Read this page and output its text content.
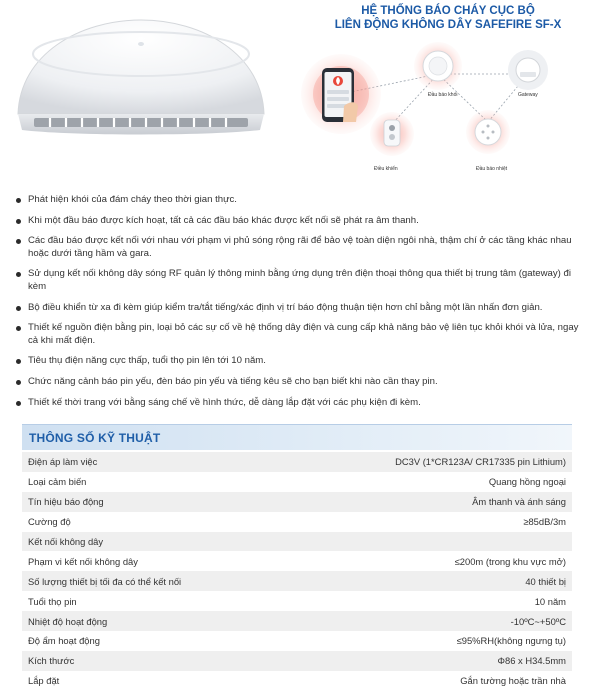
HỆ THỐNG BÁO CHÁY CỤC BỘ
LIÊN ĐỘNG KHÔNG DÂY SAFEFIRE SF-X
Đầu báo khói	Gateway
Điều khiển	Đầu báo nhiệt
Phát hiện khói của đám cháy theo thời gian thực.
Khi một đầu báo được kích hoạt, tất cả các đầu báo khác được kết nối sẽ phát ra âm thanh.
Các đầu báo được kết nối với nhau với phạm vi phủ sóng rộng rãi để bảo vệ toàn diện ngôi nhà, thậm chí ở các tầng khác nhau hoặc dưới tầng hầm và gara.
Sử dụng kết nối không dây sóng RF quản lý thông minh bằng ứng dụng trên điện thoại thông qua thiết bị trung tâm (gateway) đi kèm
Bộ điều khiển từ xa đi kèm giúp kiểm tra/tắt tiếng/xác định vị trí báo động thuận tiện hơn chỉ bằng một lần nhấn đơn giản.
Thiết kế nguồn điện bằng pin, loại bỏ các sự cố về hệ thống dây điện và cung cấp khả năng bảo vệ liên tục khỏi khói và lửa, ngay cả khi mất điện.
Tiêu thụ điện năng cực thấp, tuổi thọ pin lên tới 10 năm.
Chức năng cảnh báo pin yếu, đèn báo pin yếu và tiếng kêu sẽ cho bạn biết khi nào cần thay pin.
Thiết kế thời trang với bằng sáng chế về hình thức, dễ dàng lắp đặt với các phụ kiện đi kèm.
THÔNG SỐ KỸ THUẬT
Điện áp làm việc	DC3V (1*CR123A/ CR17335 pin Lithium)
Loại cảm biến	Quang hồng ngoại
Tín hiệu báo động	Âm thanh và ánh sáng
Cường độ	≥85dB/3m
Kết nối không dây	
Phạm vi kết nối không dây	≤200m (trong khu vực mở)
Số lượng thiết bị tối đa có thể kết nối	40 thiết bị
Tuổi thọ pin	10 năm
Nhiệt độ hoạt động	-10ºC~+50ºC
Độ ẩm hoạt động	≤95%RH(không ngưng tụ)
Kích thước	Φ86 x H34.5mm
Lắp đặt	Gắn tường hoặc trần nhà
